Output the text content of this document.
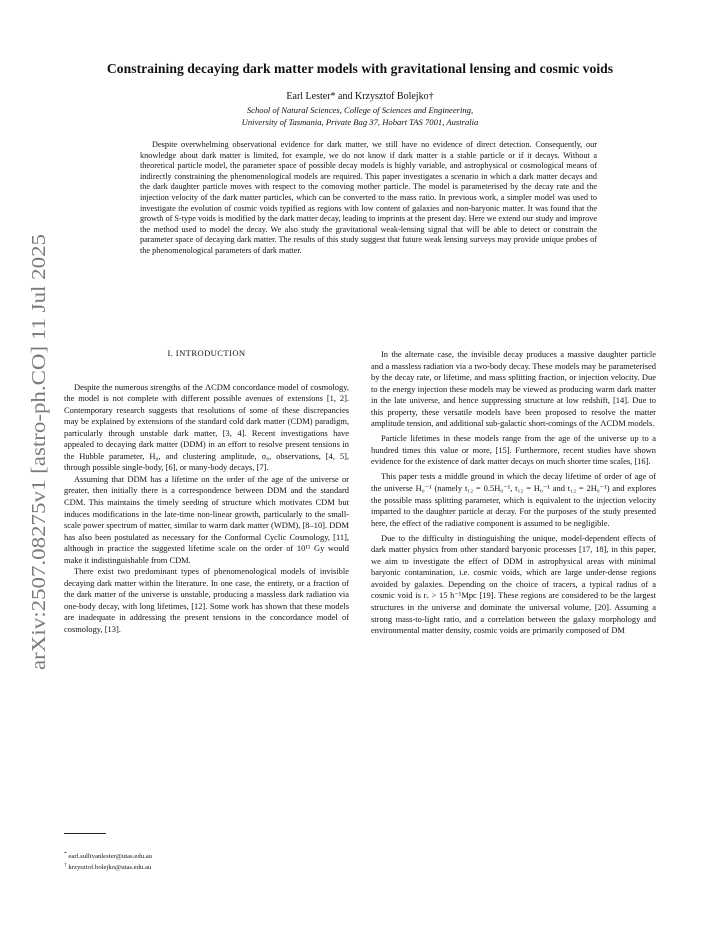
arXiv:2507.08275v1 [astro-ph.CO] 11 Jul 2025
Constraining decaying dark matter models with gravitational lensing and cosmic voids
Earl Lester* and Krzysztof Bolejko†
School of Natural Sciences, College of Sciences and Engineering,
University of Tasmania, Private Bag 37, Hobart TAS 7001, Australia
Despite overwhelming observational evidence for dark matter, we still have no evidence of direct detection. Consequently, our knowledge about dark matter is limited, for example, we do not know if dark matter is a stable particle or if it decays. Without a theoretical particle model, the parameter space of possible decay models is highly variable, and astrophysical or cosmological means of indirectly constraining the phenomenological models are required. This paper investigates a scenario in which a dark matter decays and the dark daughter particle moves with respect to the comoving mother particle. The model is parameterised by the decay rate and the injection velocity of the dark matter particles, which can be converted to the mass ratio. In previous work, a simpler model was used to investigate the evolution of cosmic voids typified as regions with low content of galaxies and non-baryonic matter. It was found that the growth of S-type voids is modified by the dark matter decay, leading to imprints at the present day. Here we extend our study and improve the method used to model the decay. We also study the gravitational weak-lensing signal that will be able to detect or constrain the parameter space of decaying dark matter. The results of this study suggest that future weak lensing surveys may provide unique probes of the phenomenological parameters of dark matter.

I. INTRODUCTION

Despite the numerous strengths of the ΛCDM concordance model of cosmology, the model is not complete with different possible avenues of extensions [1, 2]. Contemporary research suggests that resolutions of some of these discrepancies may be explained by extensions of the standard cold dark matter (CDM) paradigm, particularly through unstable dark matter, [3, 4]. Recent investigations have appealed to decaying dark matter (DDM) in an effort to resolve present tensions in the Hubble parameter, H₀, and clustering amplitude, σ₈, observations, [4, 5], through possible single-body, [6], or many-body decays, [7].

Assuming that DDM has a lifetime on the order of the age of the universe or greater, then initially there is a correspondence between DDM and the standard CDM. This maintains the timely seeding of structure which motivates CDM but induces modifications in the late-time non-linear growth, particularly to the small-scale power spectrum of matter, similar to warm dark matter (WDM), [8–10]. DDM has also been postulated as necessary for the Conformal Cyclic Cosmology, [11], although in practice the suggested lifetime scale on the order of 10¹¹ Gy would make it indistinguishable from CDM.

There exist two predominant types of phenomenological models of invisible decaying dark matter within the literature. In one case, the entirety, or a fraction of the dark matter of the universe is unstable, producing a massless dark radiation via one-body decay, with long lifetimes, [12]. Some work has shown that these models are inadequate in addressing the present tensions in the concordance model of cosmology, [13].

In the alternate case, the invisible decay produces a massive daughter particle and a massless radiation via a two-body decay. These models may be parameterised by the decay rate, or lifetime, and mass splitting fraction, or injection velocity. Due to the energy injection these models may be viewed as producing warm dark matter in the late universe, and hence suppressing structure at low redshift, [14]. Due to this property, these versatile models have been proposed to resolve the matter amplitude tension, and additional sub-galactic short-comings of the ΛCDM models.

Particle lifetimes in these models range from the age of the universe up to a hundred times this value or more, [15]. Furthermore, recent studies have shown evidence for the existence of dark matter decays on much shorter time scales, [16].

This paper tests a middle ground in which the decay lifetime of order of age of the universe H₀⁻¹ (namely t₁₂ = 0.5H₀⁻¹, t₁₂ = H₀⁻¹ and t₁₂ = 2H₀⁻¹) and explores the possible mass splitting parameter, which is equivalent to the injection velocity imparted to the daughter particle at decay. For the purposes of the study presented here, the effect of the radiative component is assumed to be negligible.

Due to the difficulty in distinguishing the unique, model-dependent effects of dark matter physics from other standard baryonic processes [17, 18], in this paper, we aim to investigate the effect of DDM in astrophysical areas with minimal baryonic contamination, i.e. cosmic voids, which are large under-dense regions avoided by galaxies. Depending on the choice of tracers, a typical radius of a cosmic void is rᵥ > 15 h⁻¹Mpc [19]. These regions are considered to be the largest structures in the universe and dominate the universal volume, [20]. Assuming a strong mass-to-light ratio, and a correlation between the galaxy morphology and environmental matter density, cosmic voids are primarily composed of DM

* earl.sullivanlester@utas.edu.au
† krzysztof.bolejko@utas.edu.au
